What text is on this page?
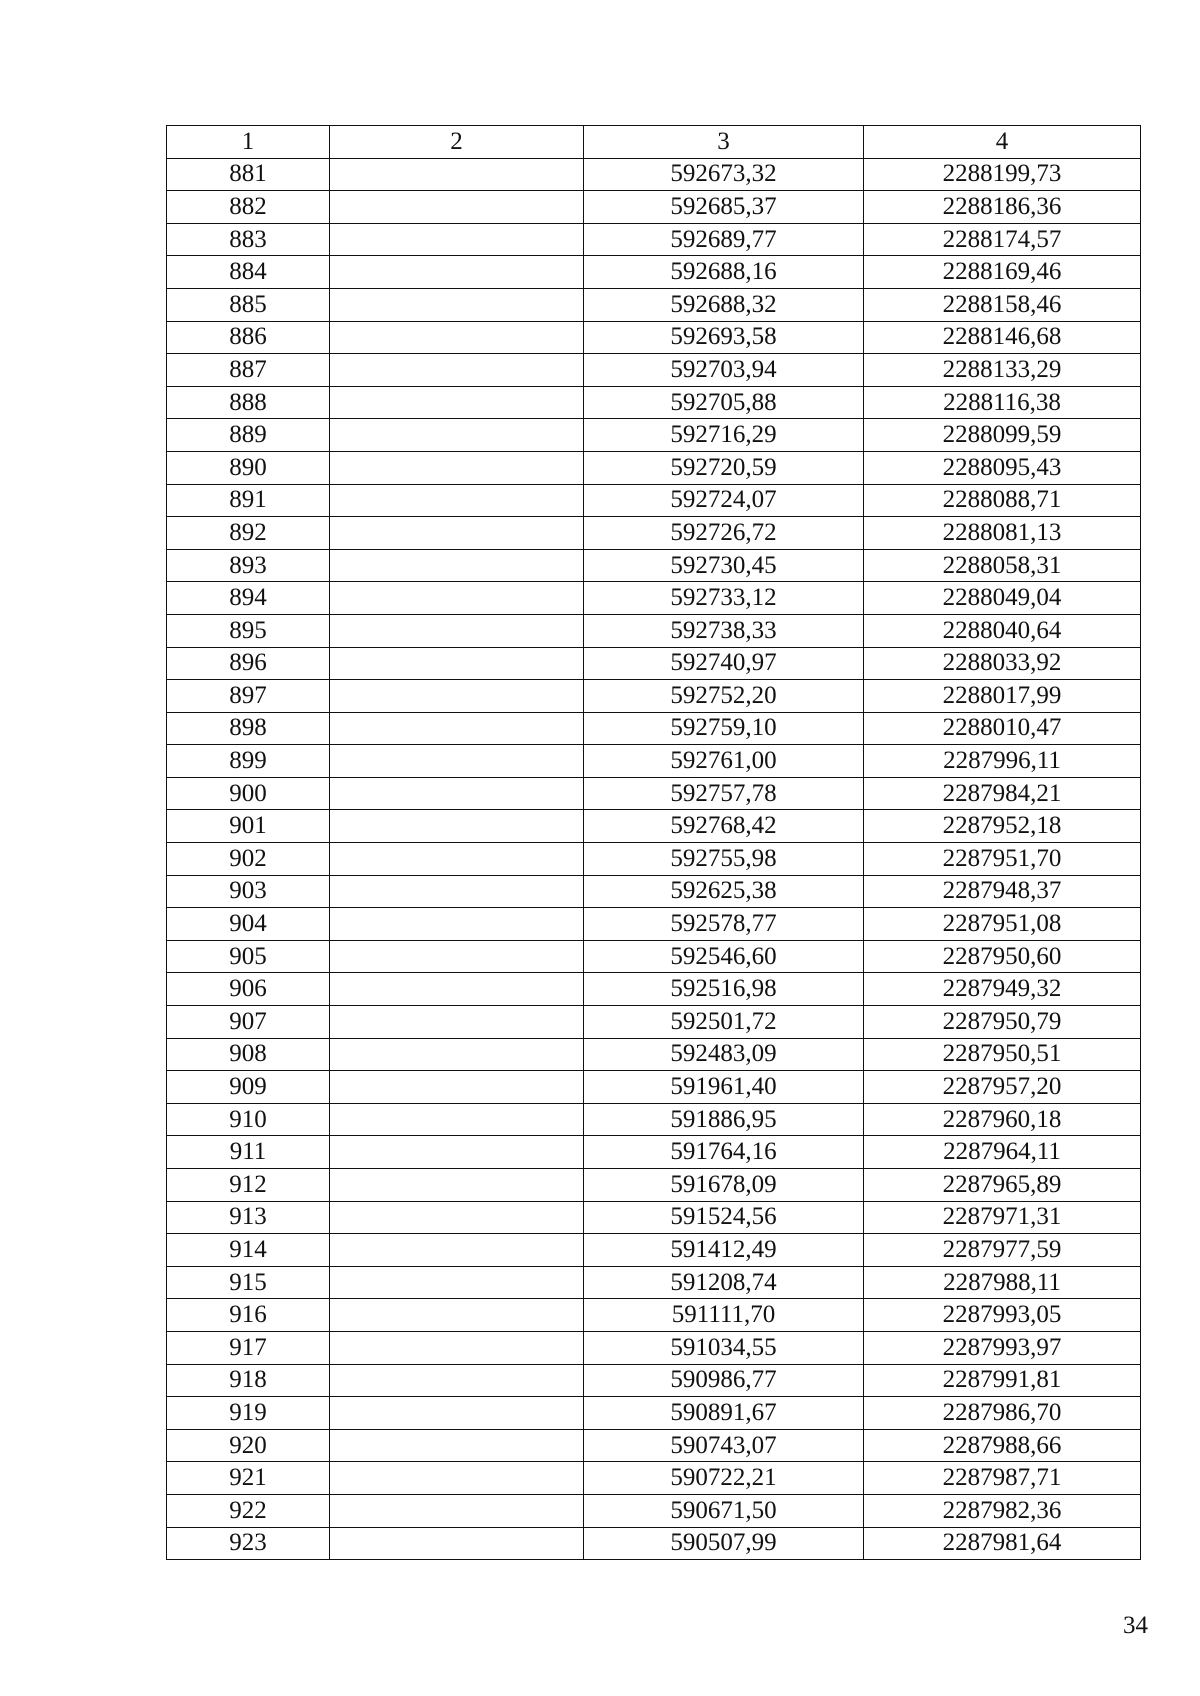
1	2	3	4
881		592673,32	2288199,73
882		592685,37	2288186,36
883		592689,77	2288174,57
884		592688,16	2288169,46
885		592688,32	2288158,46
886		592693,58	2288146,68
887		592703,94	2288133,29
888		592705,88	2288116,38
889		592716,29	2288099,59
890		592720,59	2288095,43
891		592724,07	2288088,71
892		592726,72	2288081,13
893		592730,45	2288058,31
894		592733,12	2288049,04
895		592738,33	2288040,64
896		592740,97	2288033,92
897		592752,20	2288017,99
898		592759,10	2288010,47
899		592761,00	2287996,11
900		592757,78	2287984,21
901		592768,42	2287952,18
902		592755,98	2287951,70
903		592625,38	2287948,37
904		592578,77	2287951,08
905		592546,60	2287950,60
906		592516,98	2287949,32
907		592501,72	2287950,79
908		592483,09	2287950,51
909		591961,40	2287957,20
910		591886,95	2287960,18
911		591764,16	2287964,11
912		591678,09	2287965,89
913		591524,56	2287971,31
914		591412,49	2287977,59
915		591208,74	2287988,11
916		591111,70	2287993,05
917		591034,55	2287993,97
918		590986,77	2287991,81
919		590891,67	2287986,70
920		590743,07	2287988,66
921		590722,21	2287987,71
922		590671,50	2287982,36
923		590507,99	2287981,64
34
